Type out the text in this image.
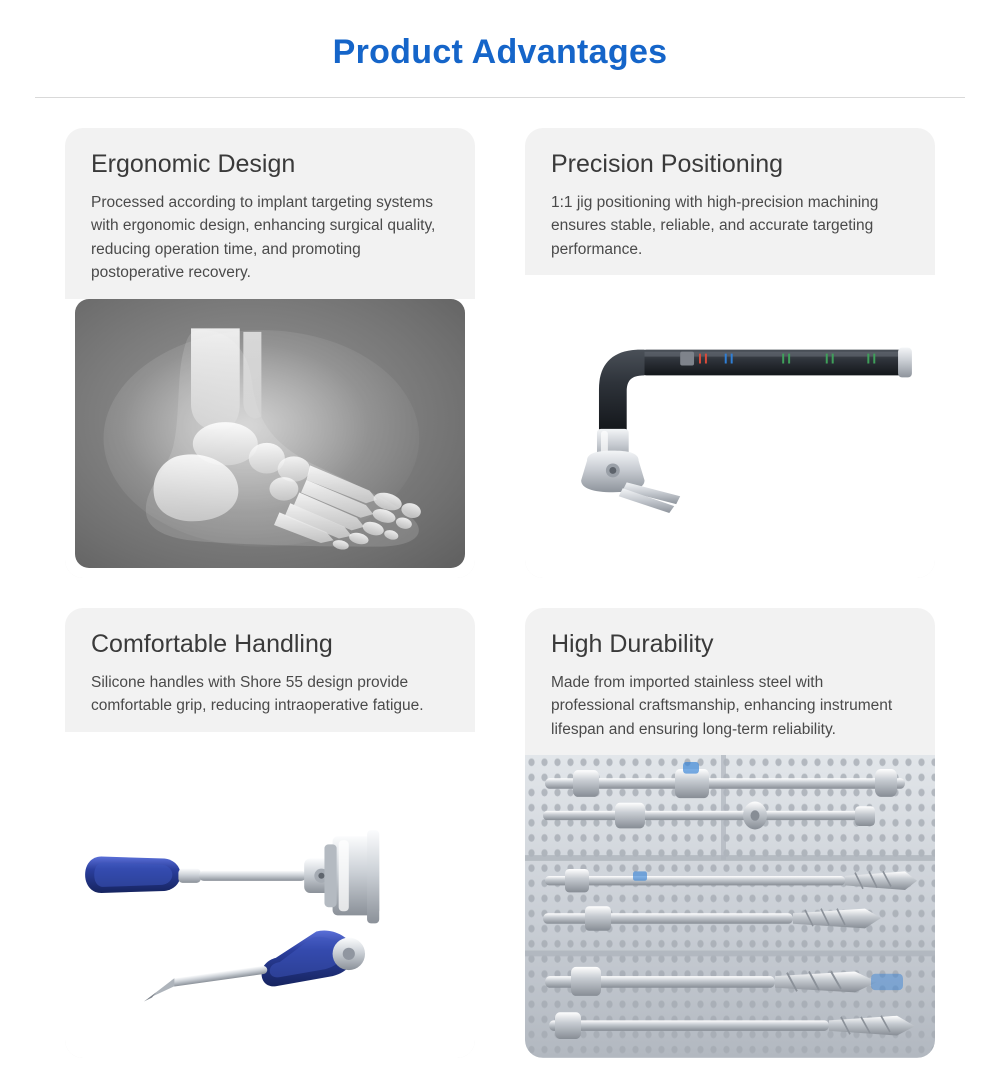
Product Advantages
Ergonomic Design
Processed according to implant targeting systems with ergonomic design, enhancing surgical quality, reducing operation time, and promoting postoperative recovery.
Precision Positioning
1:1 jig positioning with high-precision machining ensures stable, reliable, and accurate targeting performance.
Comfortable Handling
Silicone handles with Shore 55 design provide comfortable grip, reducing intraoperative fatigue.
High Durability
Made from imported stainless steel with professional craftsmanship, enhancing instrument lifespan and ensuring long-term reliability.
